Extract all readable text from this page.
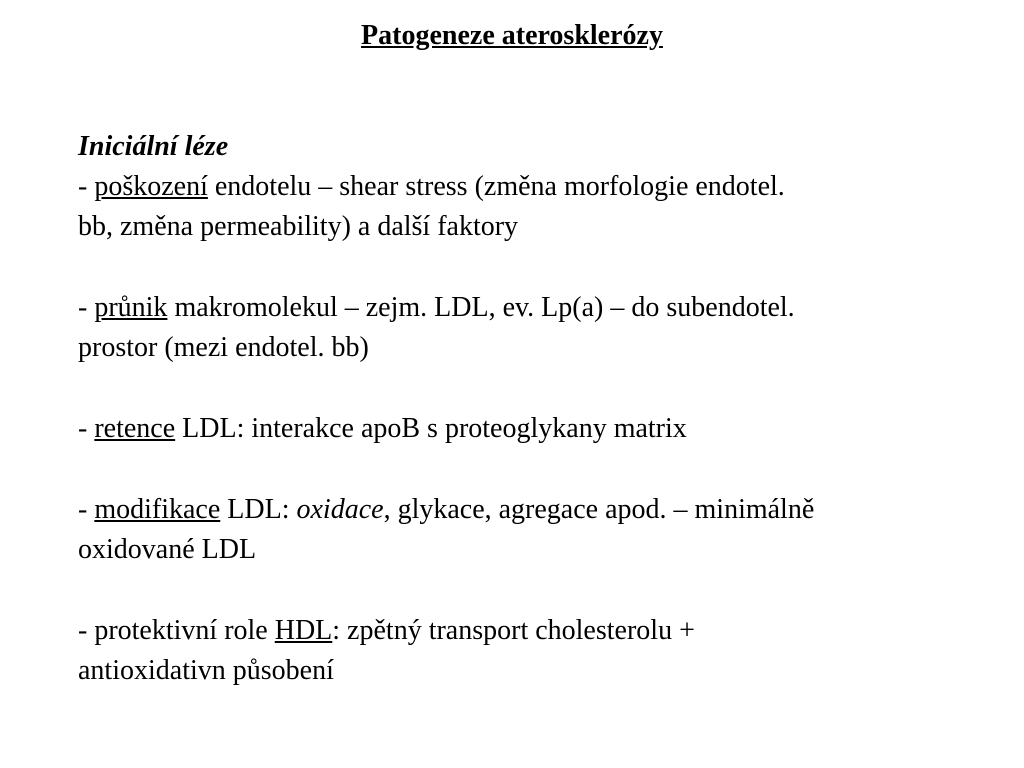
Patogeneze aterosklerózy
Iniciální léze
- poškození endotelu – shear stress (změna morfologie endotel.
bb, změna permeability) a další faktory
- průnik makromolekul – zejm. LDL, ev. Lp(a) – do subendotel.
prostor (mezi endotel. bb)
- retence LDL: interakce apoB s proteoglykany matrix
- modifikace LDL: oxidace, glykace, agregace apod. – minimálně
oxidované LDL
- protektivní role HDL: zpětný transport cholesterolu +
antioxidativn působení
